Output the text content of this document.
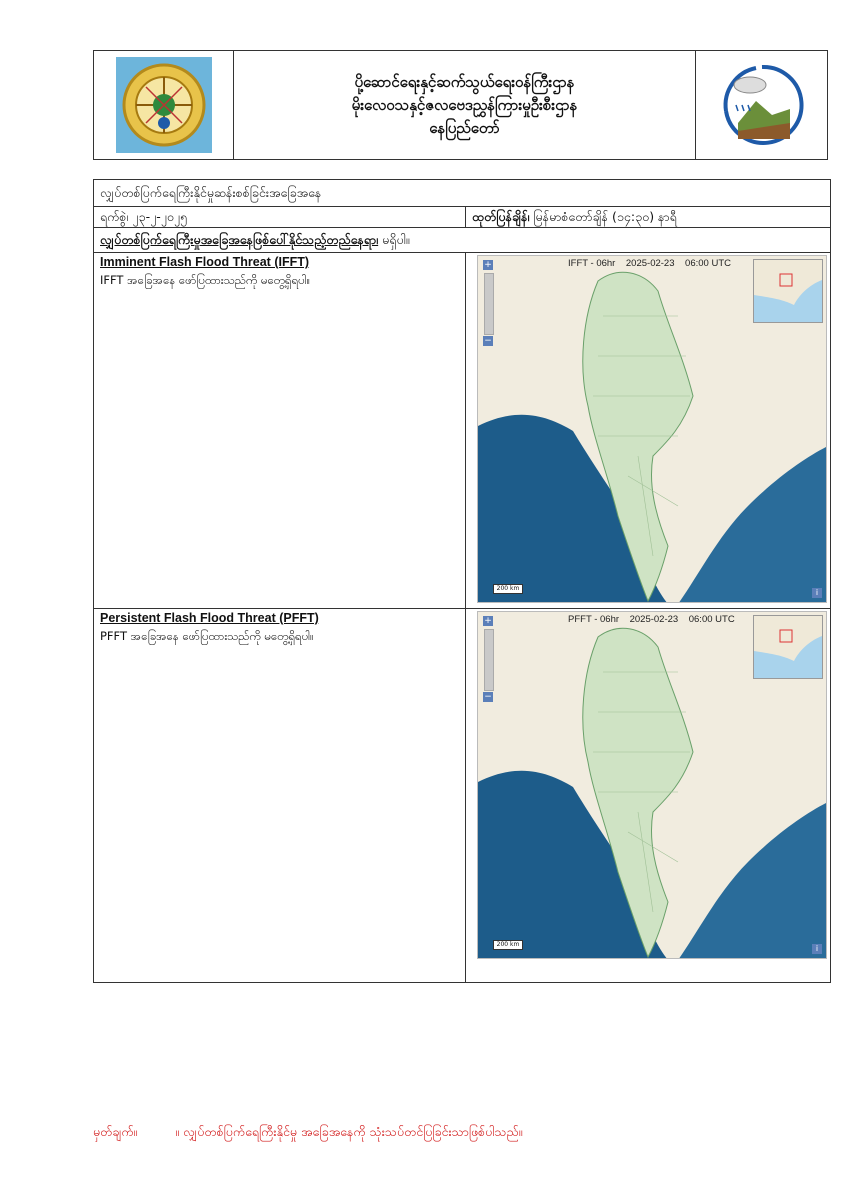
ပို့ဆောင်ရေးနှင့်ဆက်သွယ်ရေးဝန်ကြီးဌာန
မိုးလေဝသနှင့်ဇလဗေဒညွှန်ကြားမှုဦးစီးဌာန
နေပြည်တော်
လျှပ်တစ်ပြက်ရေကြီးနိုင်မှုဆန်းစစ်ခြင်းအခြေအနေ
ရက်စွဲ၊ ၂၃-၂-၂၀၂၅	ထုတ်ပြန်ချိန်၊ မြန်မာစံတော်ချိန် (၁၄:၃၀) နာရီ
လျှပ်တစ်ပြက်ရေကြီးမှုအခြေအနေဖြစ်ပေါ်နိုင်သည့်တည်နေရာ၊ မရှိပါ။
Imminent Flash Flood Threat (IFFT)
IFFT အခြေအနေ ဖော်ပြထားသည်ကို မတွေ့ရှိရပါ။
IFFT - 06hr    2025-02-23    06:00 UTC
+
−
200 km	i
Persistent Flash Flood Threat (PFFT)
PFFT အခြေအနေ ဖော်ပြထားသည်ကို မတွေ့ရှိရပါ။
PFFT - 06hr    2025-02-23    06:00 UTC
+
−
200 km	i
မှတ်ချက်။	။ လျှပ်တစ်ပြက်ရေကြီးနိုင်မှု အခြေအနေကို သုံးသပ်တင်ပြခြင်းသာဖြစ်ပါသည်။
